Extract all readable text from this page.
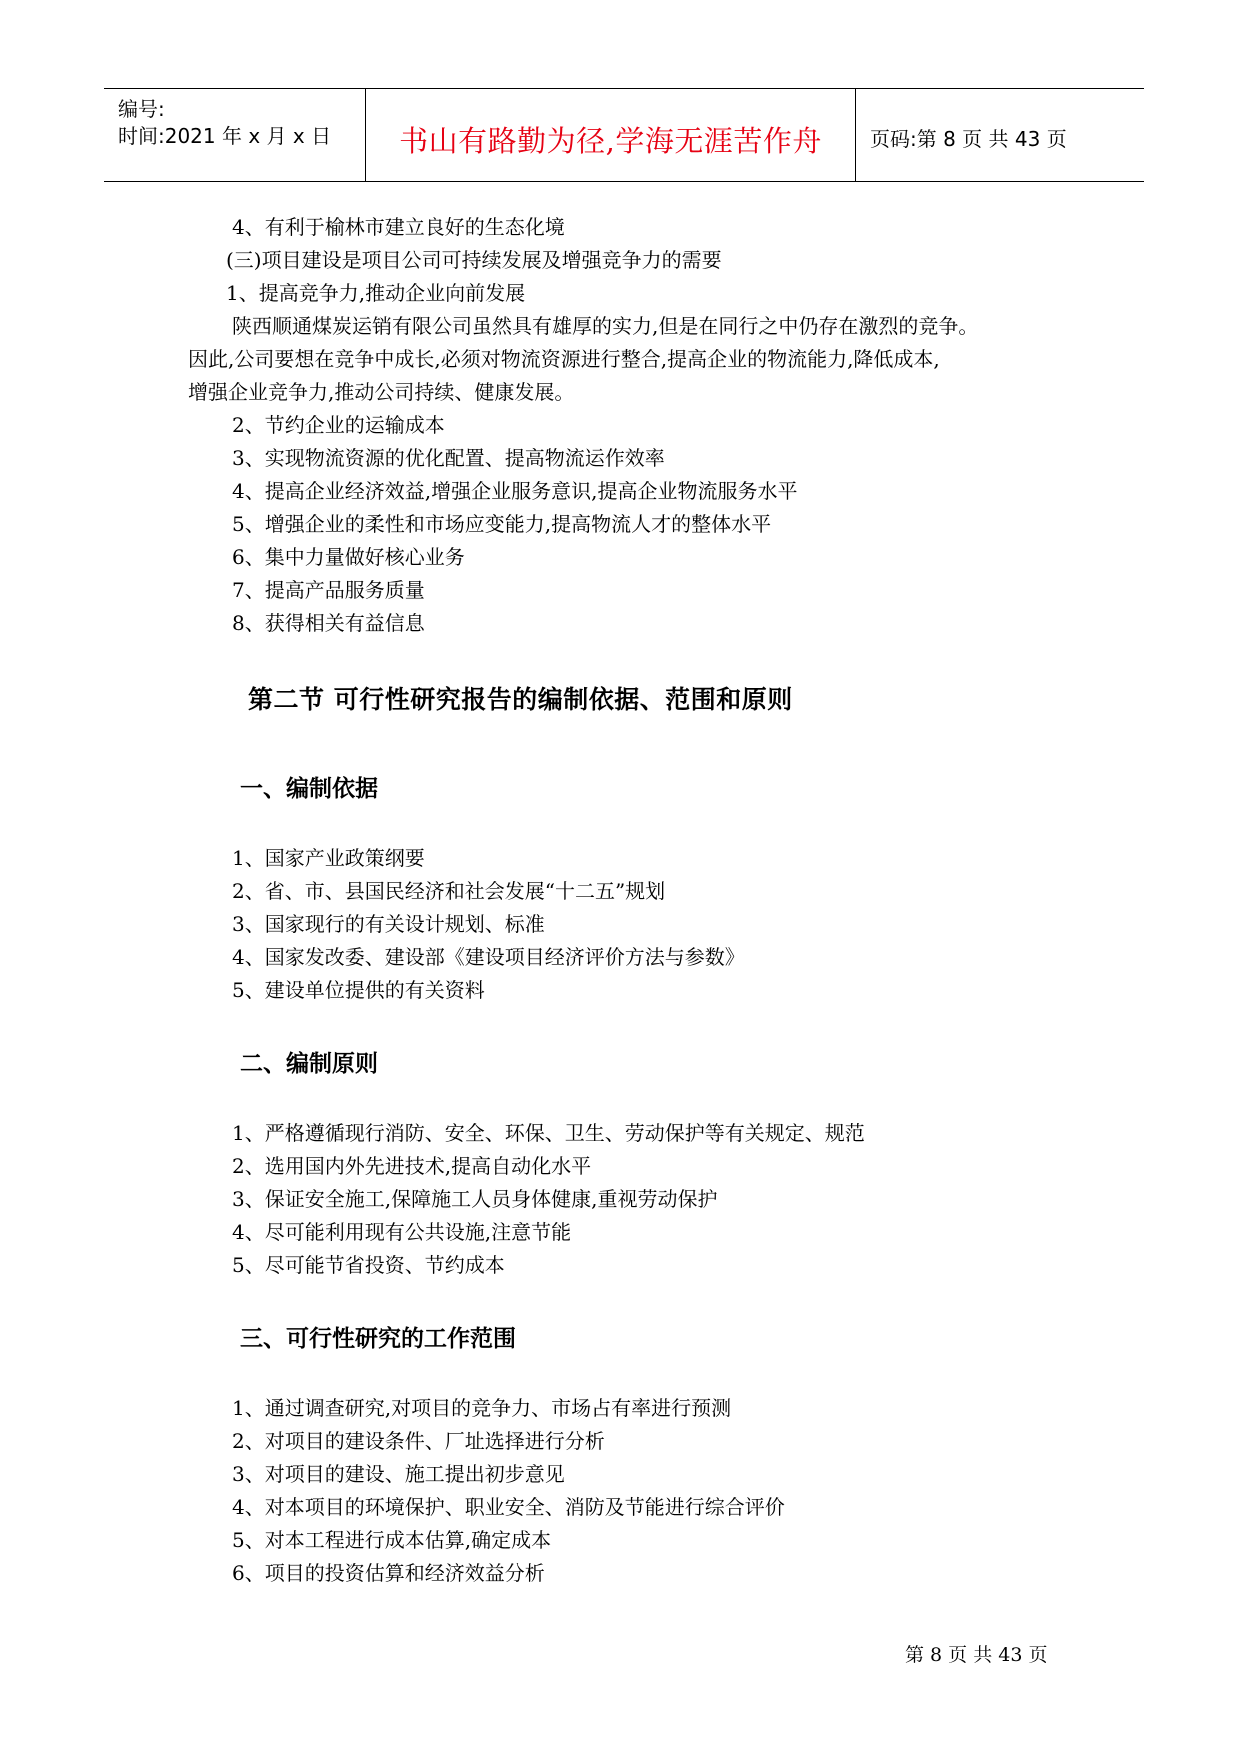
编号:
时间:2021 年 x 月 x 日	书山有路勤为径,学海无涯苦作舟	页码:第 8 页 共 43 页
4、有利于榆林市建立良好的生态化境
(三)项目建设是项目公司可持续发展及增强竞争力的需要
1、提高竞争力,推动企业向前发展
陕西顺通煤炭运销有限公司虽然具有雄厚的实力,但是在同行之中仍存在激烈的竞争。
因此,公司要想在竞争中成长,必须对物流资源进行整合,提高企业的物流能力,降低成本,
增强企业竞争力,推动公司持续、健康发展。
2、节约企业的运输成本
3、实现物流资源的优化配置、提高物流运作效率
4、提高企业经济效益,增强企业服务意识,提高企业物流服务水平
5、增强企业的柔性和市场应变能力,提高物流人才的整体水平
6、集中力量做好核心业务
7、提高产品服务质量
8、获得相关有益信息
第二节 可行性研究报告的编制依据、范围和原则
一、编制依据
1、国家产业政策纲要
2、省、市、县国民经济和社会发展“十二五”规划
3、国家现行的有关设计规划、标准
4、国家发改委、建设部《建设项目经济评价方法与参数》
5、建设单位提供的有关资料
二、编制原则
1、严格遵循现行消防、安全、环保、卫生、劳动保护等有关规定、规范
2、选用国内外先进技术,提高自动化水平
3、保证安全施工,保障施工人员身体健康,重视劳动保护
4、尽可能利用现有公共设施,注意节能
5、尽可能节省投资、节约成本
三、可行性研究的工作范围
1、通过调查研究,对项目的竞争力、市场占有率进行预测
2、对项目的建设条件、厂址选择进行分析
3、对项目的建设、施工提出初步意见
4、对本项目的环境保护、职业安全、消防及节能进行综合评价
5、对本工程进行成本估算,确定成本
6、项目的投资估算和经济效益分析
第 8 页 共 43 页
